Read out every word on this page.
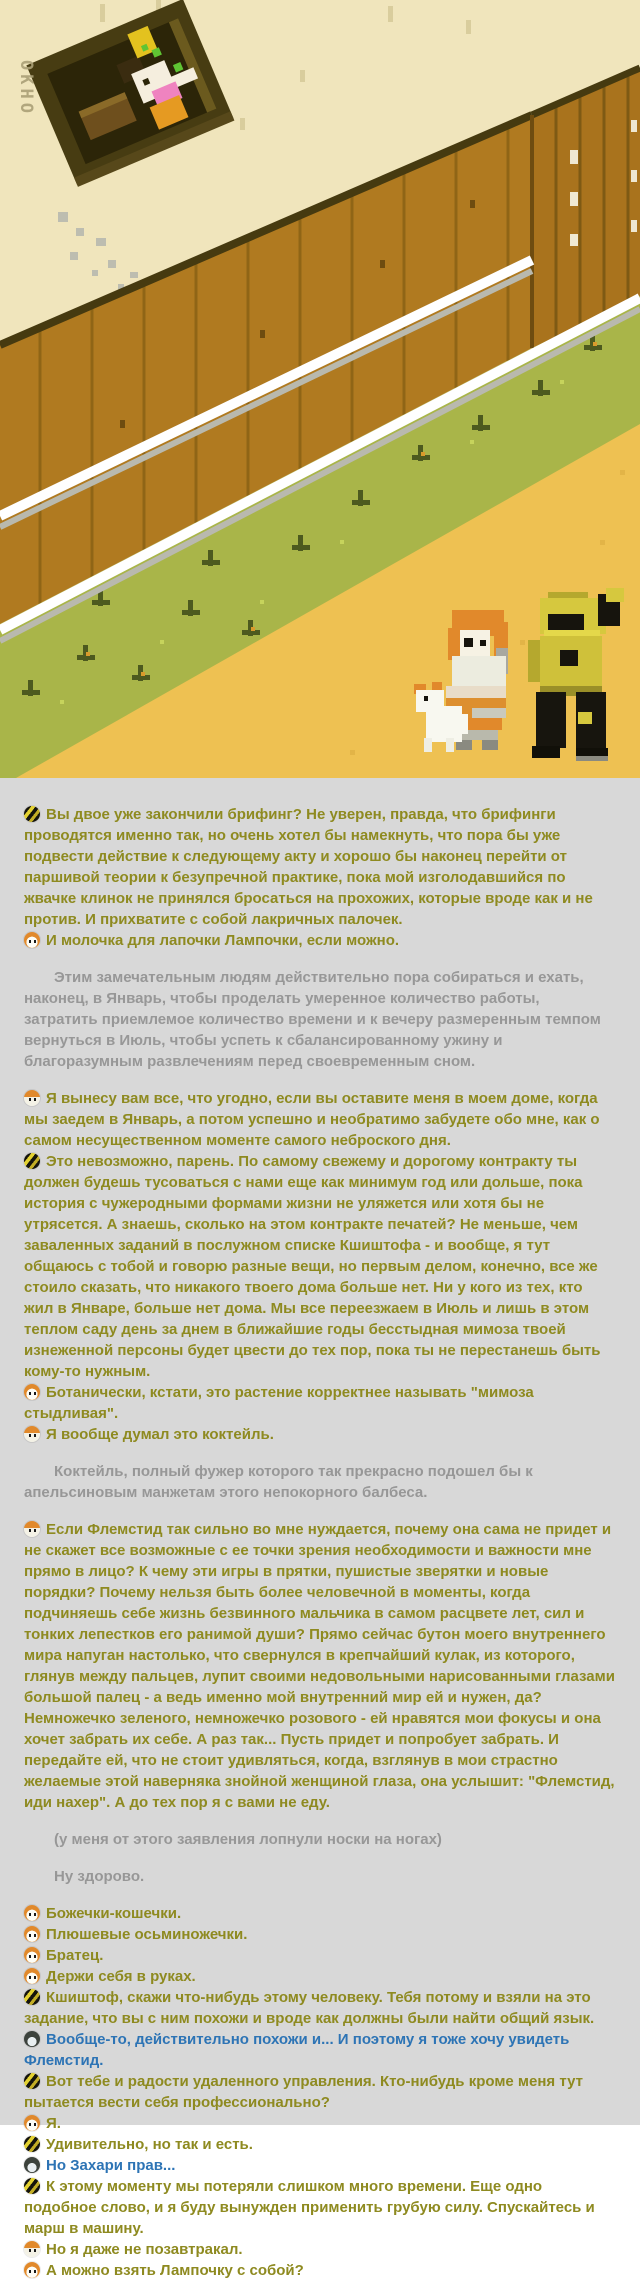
ОКНО
Вы двое уже закончили брифинг? Не уверен, правда, что брифинги проводятся именно так, но очень хотел бы намекнуть, что пора бы уже подвести действие к следующему акту и хорошо бы наконец перейти от паршивой теории к безупречной практике, пока мой изголодавшийся по жвачке клинок не принялся бросаться на прохожих, которые вроде как и не против. И прихватите с собой лакричных палочек.
И молочка для лапочки Лампочки, если можно.
Этим замечательным людям действительно пора собираться и ехать, наконец, в Январь, чтобы проделать умеренное количество работы, затратить приемлемое количество времени и к вечеру размеренным темпом вернуться в Июль, чтобы успеть к сбалансированному ужину и благоразумным развлечениям перед своевременным сном.
Я вынесу вам все, что угодно, если вы оставите меня в моем доме, когда мы заедем в Январь, а потом успешно и необратимо забудете обо мне, как о самом несущественном моменте самого неброского дня.
Это невозможно, парень. По самому свежему и дорогому контракту ты должен будешь тусоваться с нами еще как минимум год или дольше, пока история с чужеродными формами жизни не уляжется или хотя бы не утрясется. А знаешь, сколько на этом контракте печатей? Не меньше, чем заваленных заданий в послужном списке Кшиштофа - и вообще, я тут общаюсь с тобой и говорю разные вещи, но первым делом, конечно, все же стоило сказать, что никакого твоего дома больше нет. Ни у кого из тех, кто жил в Январе, больше нет дома. Мы все переезжаем в Июль и лишь в этом теплом саду день за днем в ближайшие годы бесстыдная мимоза твоей изнеженной персоны будет цвести до тех пор, пока ты не перестанешь быть кому-то нужным.
Ботанически, кстати, это растение корректнее называть "мимоза стыдливая".
Я вообще думал это коктейль.
Коктейль, полный фужер которого так прекрасно подошел бы к апельсиновым манжетам этого непокорного балбеса.
Если Флемстид так сильно во мне нуждается, почему она сама не придет и не скажет все возможные с ее точки зрения необходимости и важности мне прямо в лицо? К чему эти игры в прятки, пушистые зверятки и новые порядки? Почему нельзя быть более человечной в моменты, когда подчиняешь себе жизнь безвинного мальчика в самом расцвете лет, сил и тонких лепестков его ранимой души? Прямо сейчас бутон моего внутреннего мира напуган настолько, что свернулся в крепчайший кулак, из которого, глянув между пальцев, лупит своими недовольными нарисованными глазами большой палец - а ведь именно мой внутренний мир ей и нужен, да? Немножечко зеленого, немножечко розового - ей нравятся мои фокусы и она хочет забрать их себе. А раз так... Пусть придет и попробует забрать. И передайте ей, что не стоит удивляться, когда, взглянув в мои страстно желаемые этой наверняка знойной женщиной глаза, она услышит: "Флемстид, иди нахер". А до тех пор я с вами не еду.
(у меня от этого заявления лопнули носки на ногах)
Ну здорово.
Божечки-кошечки.
Плюшевые осьминожечки.
Братец.
Держи себя в руках.
Кшиштоф, скажи что-нибудь этому человеку. Тебя потому и взяли на это задание, что вы с ним похожи и вроде как должны были найти общий язык.
Вообще-то, действительно похожи и... И поэтому я тоже хочу увидеть Флемстид.
Вот тебе и радости удаленного управления. Кто-нибудь кроме меня тут пытается вести себя профессионально?
Я.
Удивительно, но так и есть.
Но Захари прав...
К этому моменту мы потеряли слишком много времени. Еще одно подобное слово, и я буду вынужден применить грубую силу. Спускайтесь и марш в машину.
Но я даже не позавтракал.
А можно взять Лампочку с собой?
